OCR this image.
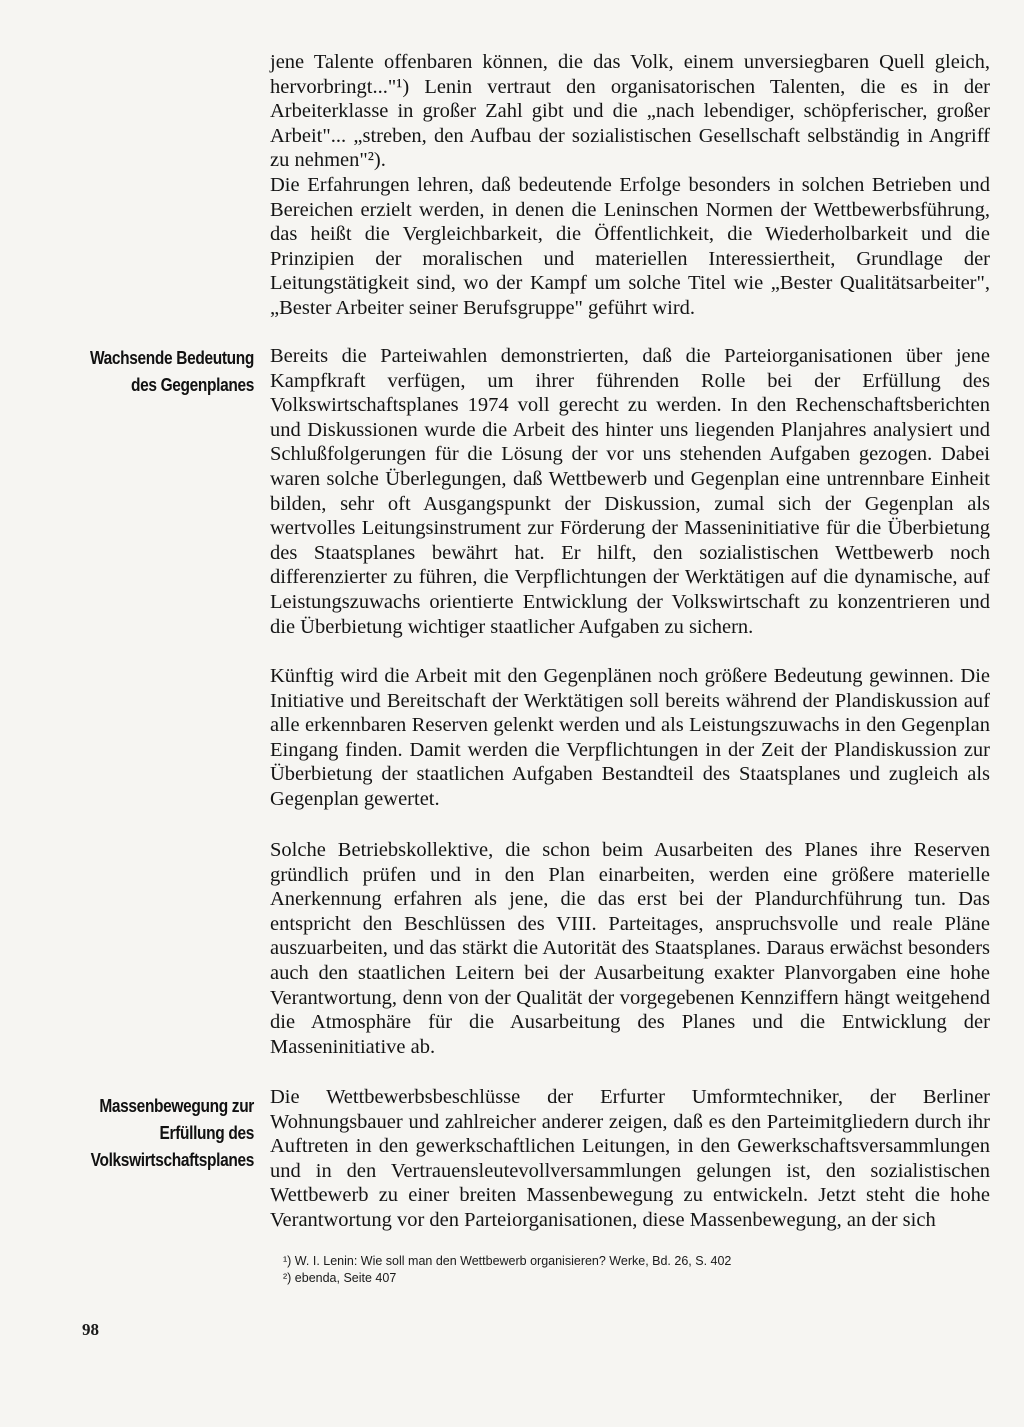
Wachsende Bedeutung des Gegenplanes
Massenbewegung zur Erfüllung des Volkswirtschaftsplanes

jene Talente offenbaren können, die das Volk, einem unversiegbaren Quell gleich, hervorbringt..."¹) Lenin vertraut den organisatorischen Talenten, die es in der Arbeiterklasse in großer Zahl gibt und die „nach lebendiger, schöpferischer, großer Arbeit"... „streben, den Aufbau der sozialistischen Gesellschaft selbständig in Angriff zu nehmen"²).

Die Erfahrungen lehren, daß bedeutende Erfolge besonders in solchen Betrieben und Bereichen erzielt werden, in denen die Leninschen Normen der Wettbewerbsführung, das heißt die Vergleichbarkeit, die Öffentlichkeit, die Wiederholbarkeit und die Prinzipien der moralischen und materiellen Interessiertheit, Grundlage der Leitungstätigkeit sind, wo der Kampf um solche Titel wie „Bester Qualitätsarbeiter", „Bester Arbeiter seiner Berufsgruppe" geführt wird.

Bereits die Parteiwahlen demonstrierten, daß die Parteiorganisationen über jene Kampfkraft verfügen, um ihrer führenden Rolle bei der Erfüllung des Volkswirtschaftsplanes 1974 voll gerecht zu werden. In den Rechenschaftsberichten und Diskussionen wurde die Arbeit des hinter uns liegenden Planjahres analysiert und Schlußfolgerungen für die Lösung der vor uns stehenden Aufgaben gezogen. Dabei waren solche Überlegungen, daß Wettbewerb und Gegenplan eine untrennbare Einheit bilden, sehr oft Ausgangspunkt der Diskussion, zumal sich der Gegenplan als wertvolles Leitungsinstrument zur Förderung der Masseninitiative für die Überbietung des Staatsplanes bewährt hat. Er hilft, den sozialistischen Wettbewerb noch differenzierter zu führen, die Verpflichtungen der Werktätigen auf die dynamische, auf Leistungszuwachs orientierte Entwicklung der Volkswirtschaft zu konzentrieren und die Überbietung wichtiger staatlicher Aufgaben zu sichern.

Künftig wird die Arbeit mit den Gegenplänen noch größere Bedeutung gewinnen. Die Initiative und Bereitschaft der Werktätigen soll bereits während der Plandiskussion auf alle erkennbaren Reserven gelenkt werden und als Leistungszuwachs in den Gegenplan Eingang finden. Damit werden die Verpflichtungen in der Zeit der Plandiskussion zur Überbietung der staatlichen Aufgaben Bestandteil des Staatsplanes und zugleich als Gegenplan gewertet.

Solche Betriebskollektive, die schon beim Ausarbeiten des Planes ihre Reserven gründlich prüfen und in den Plan einarbeiten, werden eine größere materielle Anerkennung erfahren als jene, die das erst bei der Plandurchführung tun. Das entspricht den Beschlüssen des VIII. Parteitages, anspruchsvolle und reale Pläne auszuarbeiten, und das stärkt die Autorität des Staatsplanes. Daraus erwächst besonders auch den staatlichen Leitern bei der Ausarbeitung exakter Planvorgaben eine hohe Verantwortung, denn von der Qualität der vorgegebenen Kennziffern hängt weitgehend die Atmosphäre für die Ausarbeitung des Planes und die Entwicklung der Masseninitiative ab.

Die Wettbewerbsbeschlüsse der Erfurter Umformtechniker, der Berliner Wohnungsbauer und zahlreicher anderer zeigen, daß es den Parteimitgliedern durch ihr Auftreten in den gewerkschaftlichen Leitungen, in den Gewerkschaftsversammlungen und in den Vertrauensleutevollversammlungen gelungen ist, den sozialistischen Wettbewerb zu einer breiten Massenbewegung zu entwickeln. Jetzt steht die hohe Verantwortung vor den Parteiorganisationen, diese Massenbewegung, an der sich

¹) W. I. Lenin: Wie soll man den Wettbewerb organisieren? Werke, Bd. 26, S. 402
²) ebenda, Seite 407
98
